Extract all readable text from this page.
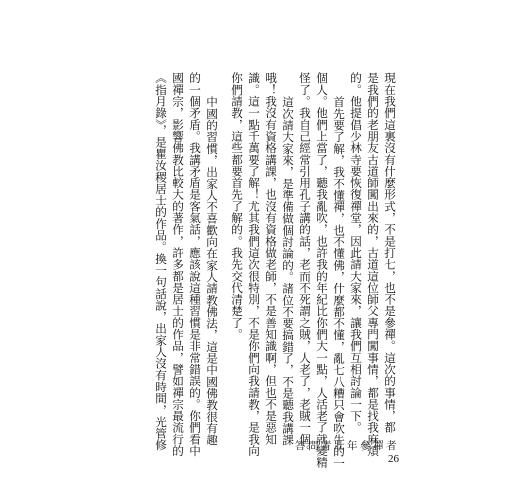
現在我們這裏沒有什麼形式，不是打七，也不是參禪。這次的事情，都
是我們的老朋友古道師闖出來的，古道這位師父專門闖事情，都是找我麻煩
的。他提倡少林寺要恢復禪堂，因此請大家來，讓我們互相討論一下。
首先要了解，我不懂禪，也不懂佛，什麼都不懂，亂七八糟只會吹牛的一
個人。他們上當了，聽我亂吹，也許我的年紀比你們大一點，人活老了就變精
怪了。我自己經常引用孔子講的話，老而不死謂之賊，人老了，老賊一個。
這次請大家來，是準備做個討論的。諸位不要搞錯了，不是聽我講課
哦！我沒有資格講課，也沒有資格做老師，不是善知識啊，但也不是惡知
識。這一點千萬要了解！尤其我們這次很特別，不是你們向我請教，是我向
你們請教，這些都要首先了解的。我先交代清楚了。
中國的習慣，出家人不喜歡向在家人請教佛法，這是中國佛教很有趣
的一個矛盾。我講矛盾是客氣話，應該說這種習慣是非常錯誤的。你們看中
國禪宗，影響佛教比較大的著作，許多都是居士的作品，譬如禪宗最流行的
《指月錄》，是瞿汝稷居士的作品。換一句話說，出家人沒有時間，光管修	答問青壯年參禪者
26
